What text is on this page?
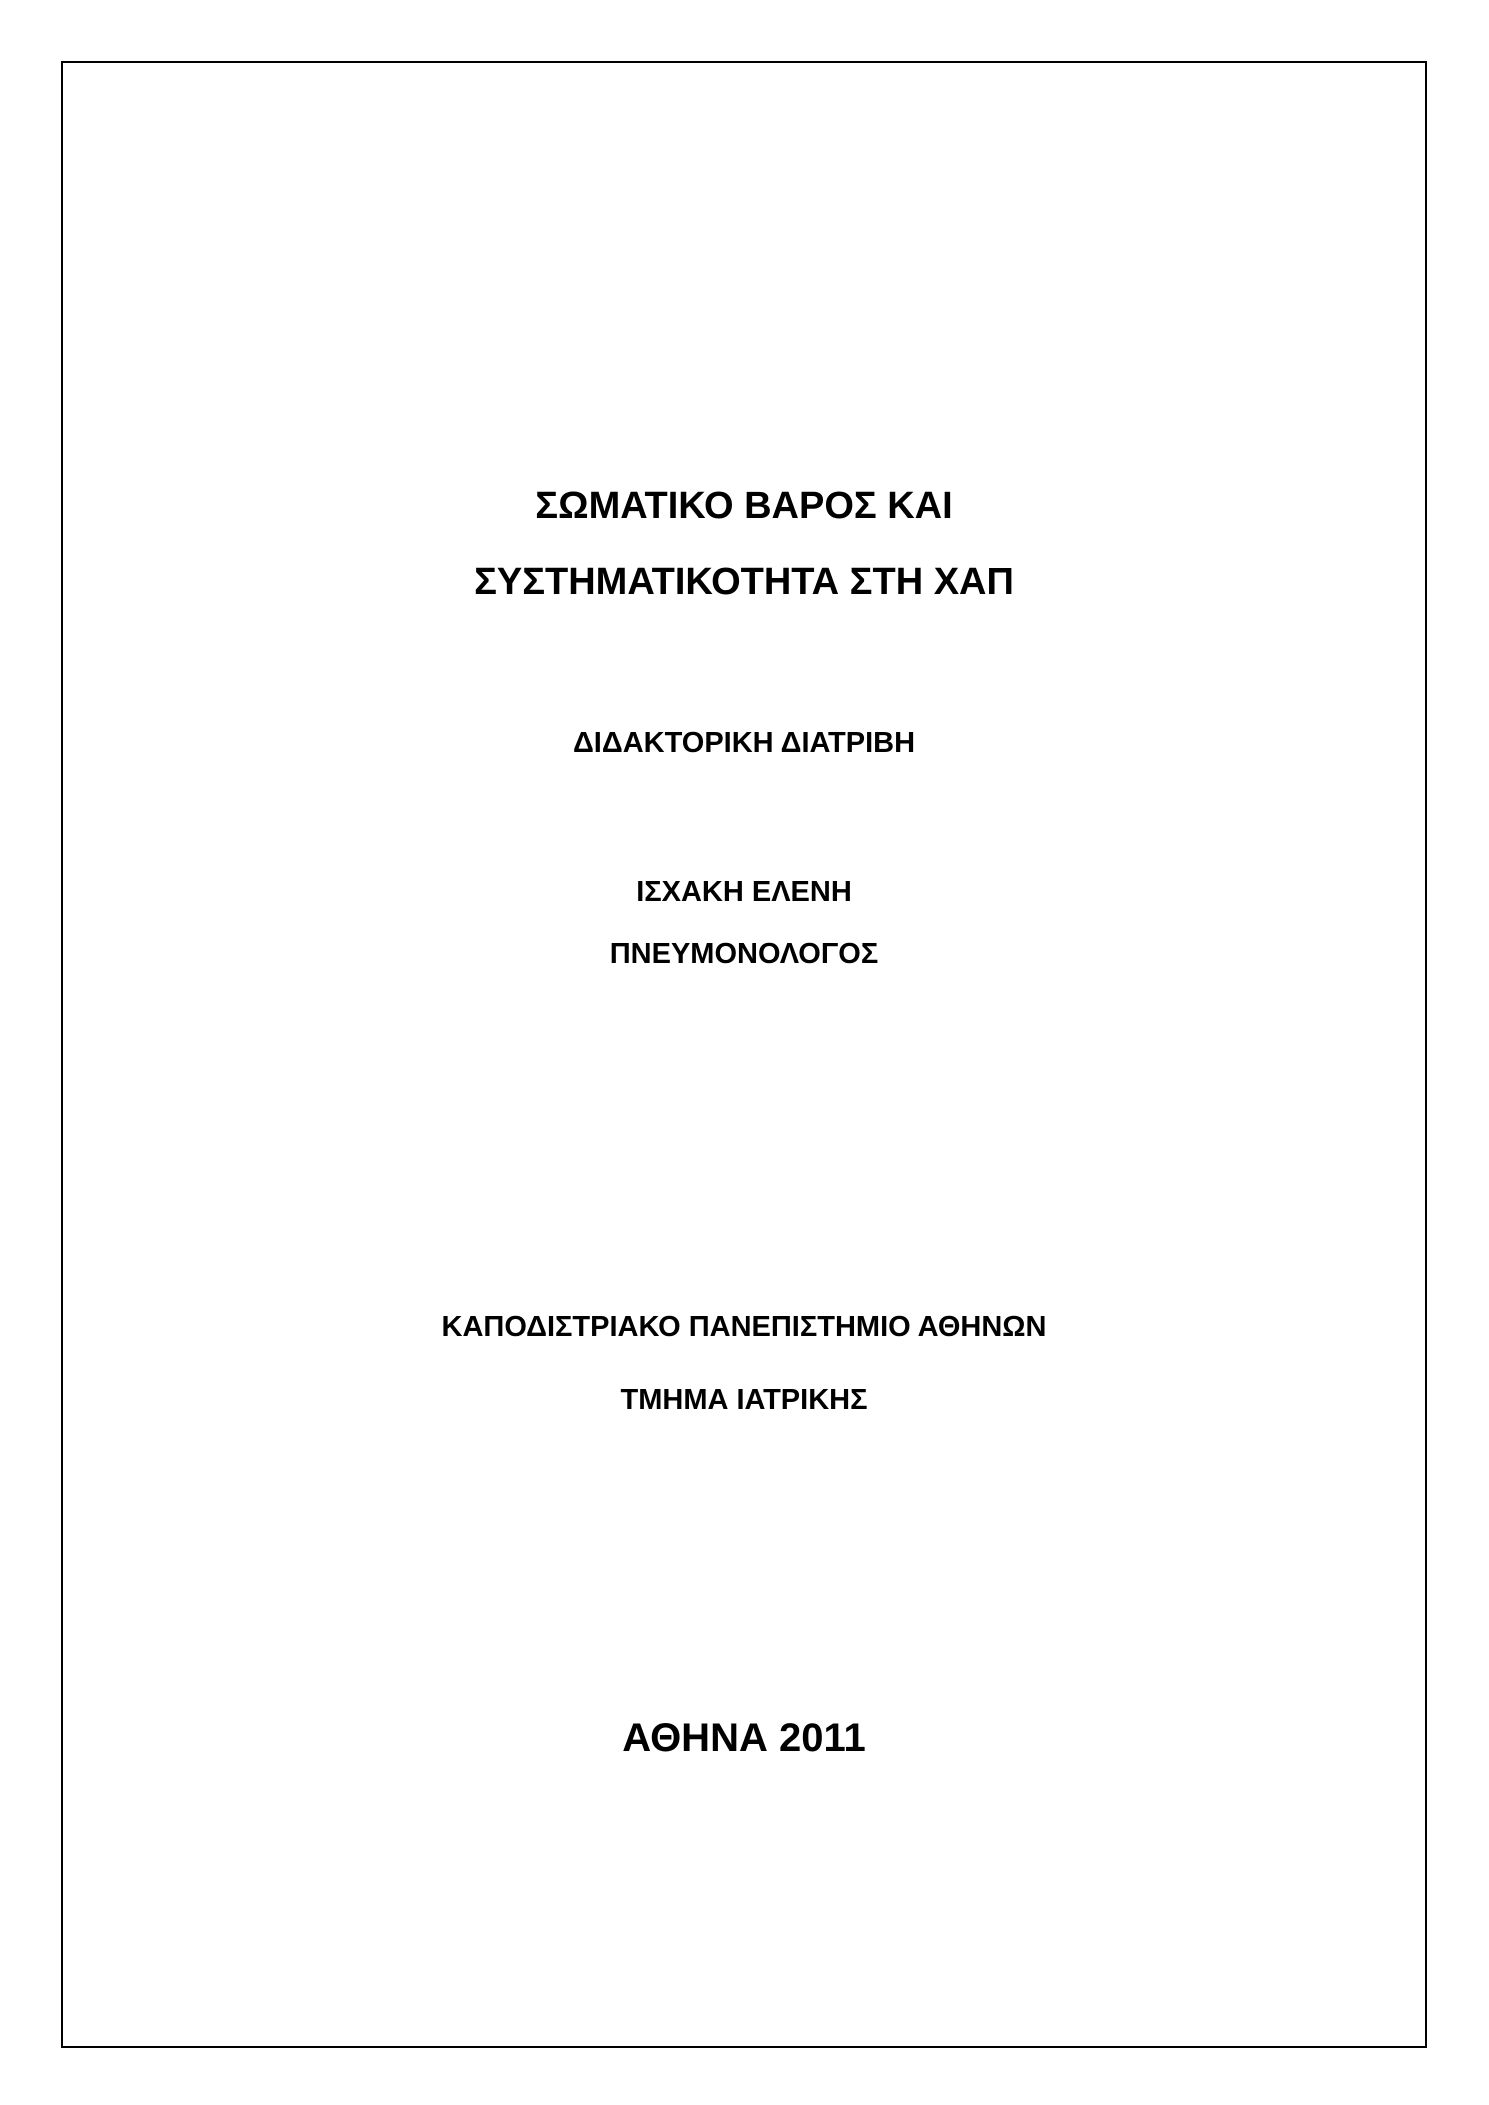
ΣΩΜΑΤΙΚΟ ΒΑΡΟΣ ΚΑΙ
ΣΥΣΤΗΜΑΤΙΚΟΤΗΤΑ ΣΤΗ ΧΑΠ
ΔΙΔΑΚΤΟΡΙΚΗ ΔΙΑΤΡΙΒΗ
ΙΣΧΑΚΗ ΕΛΕΝΗ
ΠΝΕΥΜΟΝΟΛΟΓΟΣ
ΚΑΠΟΔΙΣΤΡΙΑΚΟ ΠΑΝΕΠΙΣΤΗΜΙΟ ΑΘΗΝΩΝ
ΤΜΗΜΑ ΙΑΤΡΙΚΗΣ
ΑΘΗΝΑ 2011
